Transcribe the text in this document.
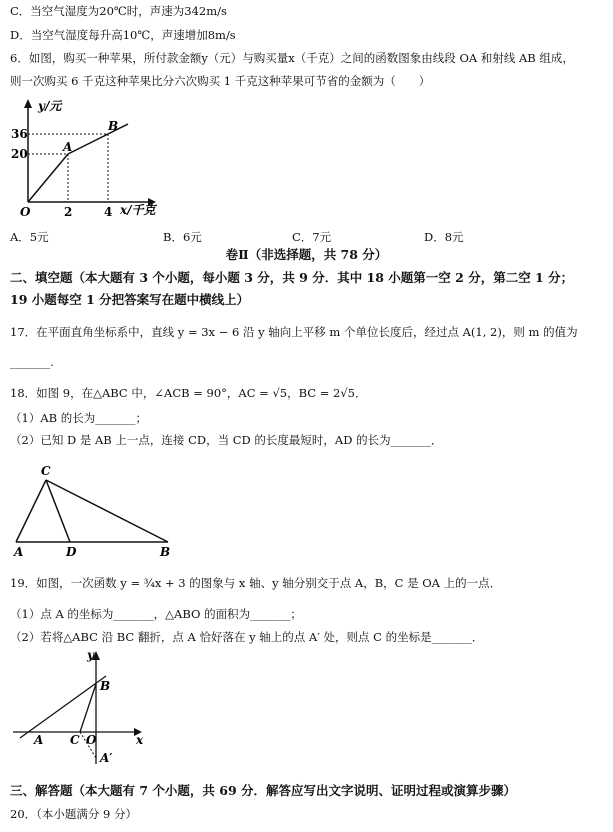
C．当空气湿度为20℃时，声速为342m/s
D．当空气湿度每升高10℃，声速增加8m/s
6．如图，购买一种苹果，所付款金额y（元）与购买量x（千克）之间的函数图象由线段 OA 和射线 AB 组成，
则一次购买 6 千克这种苹果比分六次购买 1 千克这种苹果可节省的金额为（　　）
y/元
x/千克
36
20
2	4
O
A
B
A．5元	B．6元	C．7元	D．8元
卷Ⅱ（非选择题，共 78 分）
二、填空题（本大题有 3 个小题，每小题 3 分，共 9 分．其中 18 小题第一空 2 分，第二空 1 分；
19 小题每空 1 分把答案写在题中横线上）
17．在平面直角坐标系中，直线 y = 3x − 6 沿 y 轴向上平移 m 个单位长度后，经过点 A(1, 2)，则 m 的值为
_______.
18．如图 9，在△ABC 中，∠ACB = 90°，AC = √5，BC = 2√5．
（1）AB 的长为_______；
（2）已知 D 是 AB 上一点，连接 CD，当 CD 的长度最短时，AD 的长为_______．
C
A	D	B
19．如图，一次函数 y = ¾x + 3 的图象与 x 轴、y 轴分别交于点 A，B，C 是 OA 上的一点．
（1）点 A 的坐标为_______，△ABO 的面积为_______；
（2）若将△ABC 沿 BC 翻折，点 A 恰好落在 y 轴上的点 A′ 处，则点 C 的坐标是_______．
y
x
B
A C O
A′
三、解答题（本大题有 7 个小题，共 69 分．解答应写出文字说明、证明过程或演算步骤）
20．（本小题满分 9 分）
